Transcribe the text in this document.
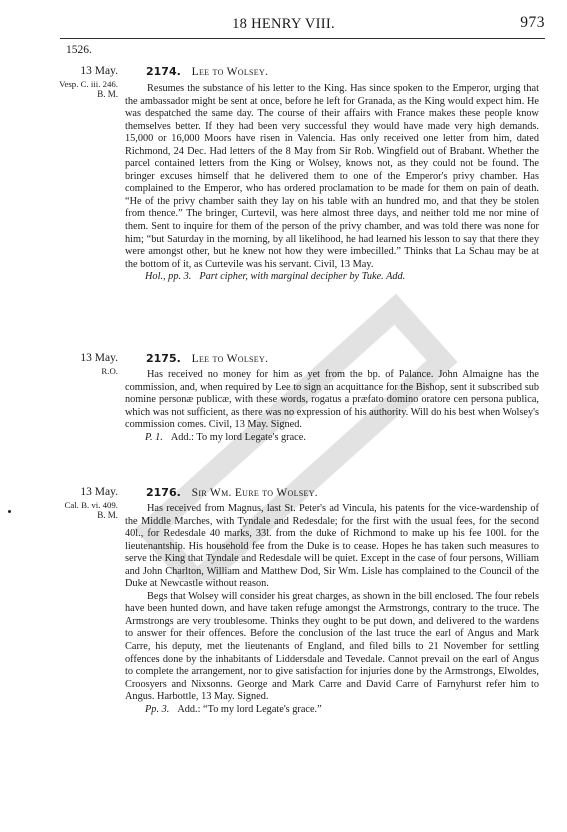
18 HENRY VIII.	973
1526.
13 May.
Vesp. C. iii. 246.
B. M.
2174. Lee to Wolsey.

Resumes the substance of his letter to the King. Has since spoken to the Emperor, urging that the ambassador might be sent at once, before he left for Granada, as the King would expect him. He was despatched the same day. The course of their affairs with France makes these people know themselves better. If they had been very successful they would have made very high demands. 15,000 or 16,000 Moors have risen in Valencia. Has only received one letter from him, dated Richmond, 24 Dec. Had letters of the 8 May from Sir Rob. Wingfield out of Brabant. Whether the parcel contained letters from the King or Wolsey, knows not, as they could not be found. The bringer excuses himself that he delivered them to one of the Emperor's privy chamber. Has complained to the Emperor, who has ordered proclamation to be made for them on pain of death. “He of the privy chamber saith they lay on his table with an hundred mo, and that they be stolen from thence.” The bringer, Curtevil, was here almost three days, and neither told me nor mine of them. Sent to inquire for them of the person of the privy chamber, and was told there was none for him; “but Saturday in the morning, by all likelihood, he had learned his lesson to say that there they were amongst other, but he knew not how they were imbecilled.” Thinks that La Schau may be at the bottom of it, as Curtevile was his servant. Civil, 13 May.

Hol., pp. 3. Part cipher, with marginal decipher by Tuke. Add.

13 May.
R.O.
2175. Lee to Wolsey.

Has received no money for him as yet from the bp. of Palance. John Almaigne has the commission, and, when required by Lee to sign an acquittance for the Bishop, sent it subscribed sub nomine personæ publicæ, with these words, rogatus a præfato domino oratore cen persona publica, which was not sufficient, as there was no expression of his authority. Will do his best when Wolsey's commission comes. Civil, 13 May. Signed.

P. 1. Add.: To my lord Legate's grace.

13 May.
Cal. B. vi. 409.
B. M.
2176. Sir Wm. Eure to Wolsey.

Has received from Magnus, last St. Peter's ad Vincula, his patents for the vice-wardenship of the Middle Marches, with Tyndale and Redesdale; for the first with the usual fees, for the second 40l., for Redesdale 40 marks, 33l. from the duke of Richmond to make up his fee 100l. for the lieutenantship. His household fee from the Duke is to cease. Hopes he has taken such measures to serve the King that Tyndale and Redesdale will be quiet. Except in the case of four persons, William and John Charlton, William and Matthew Dod, Sir Wm. Lisle has complained to the Council of the Duke at Newcastle without reason.

Begs that Wolsey will consider his great charges, as shown in the bill enclosed. The four rebels have been hunted down, and have taken refuge amongst the Armstrongs, contrary to the truce. The Armstrongs are very troublesome. Thinks they ought to be put down, and delivered to the wardens to answer for their offences. Before the conclusion of the last truce the earl of Angus and Mark Carre, his deputy, met the lieutenants of England, and filed bills to 21 November for settling offences done by the inhabitants of Liddersdale and Tevedale. Cannot prevail on the earl of Angus to complete the arrangement, nor to give satisfaction for injuries done by the Armstrongs, Elwoldes, Croosyers and Nixsonns. George and Mark Carre and David Carre of Farnyhurst refer him to Angus. Harbottle, 13 May. Signed.

Pp. 3. Add.: “To my lord Legate's grace.”
